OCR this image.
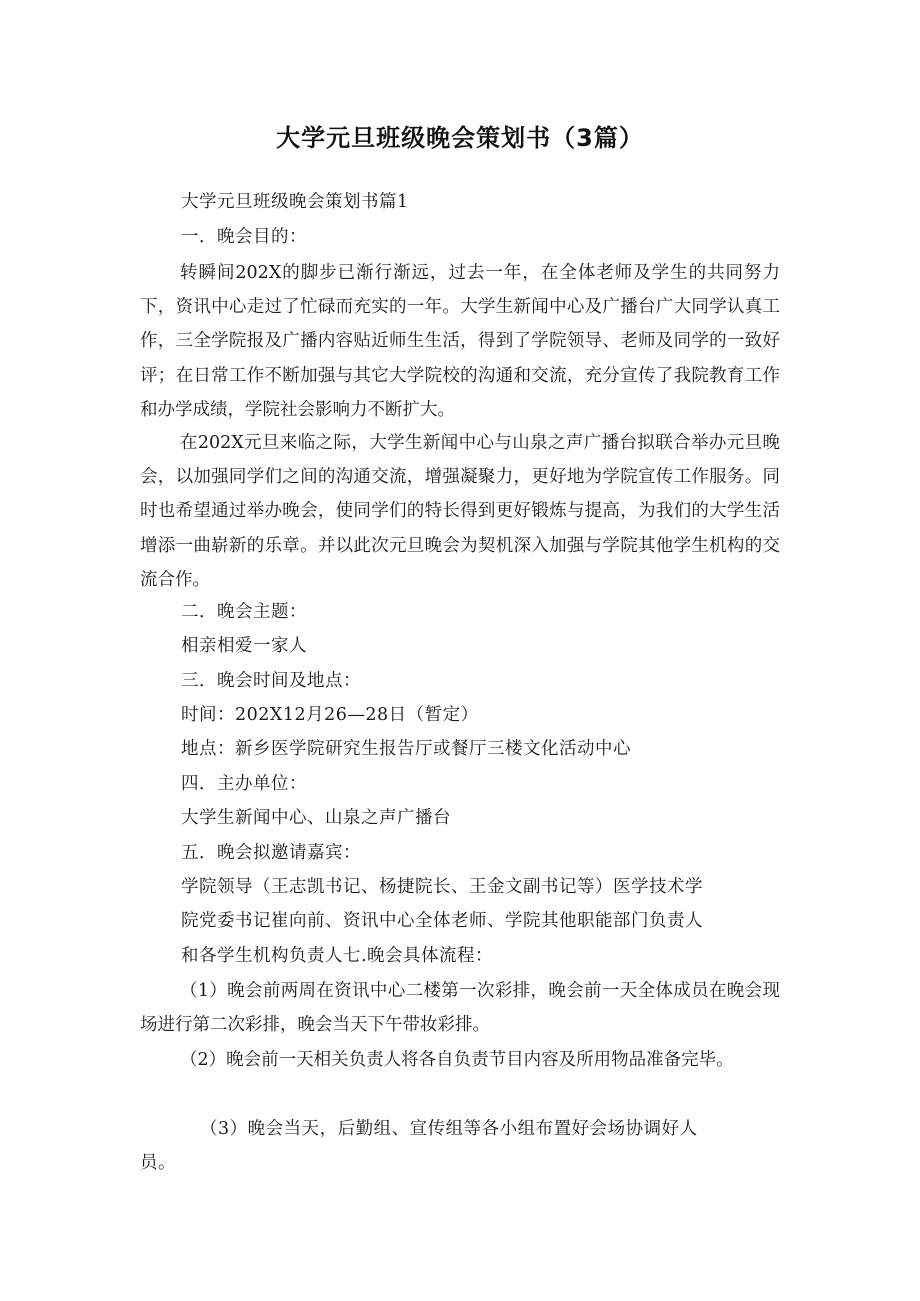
大学元旦班级晚会策划书（3篇）

大学元旦班级晚会策划书篇1

一．晚会目的：

转瞬间202X的脚步已渐行渐远，过去一年，在全体老师及学生的共同努力下，资讯中心走过了忙碌而充实的一年。大学生新闻中心及广播台广大同学认真工作，三全学院报及广播内容贴近师生生活，得到了学院领导、老师及同学的一致好评；在日常工作不断加强与其它大学院校的沟通和交流，充分宣传了我院教育工作和办学成绩，学院社会影响力不断扩大。

在202X元旦来临之际，大学生新闻中心与山泉之声广播台拟联合举办元旦晚会，以加强同学们之间的沟通交流，增强凝聚力，更好地为学院宣传工作服务。同时也希望通过举办晚会，使同学们的特长得到更好锻炼与提高，为我们的大学生活增添一曲崭新的乐章。并以此次元旦晚会为契机深入加强与学院其他学生机构的交流合作。

二．晚会主题：

相亲相爱一家人

三．晚会时间及地点：

时间：202X12月26—28日（暂定）

地点：新乡医学院研究生报告厅或餐厅三楼文化活动中心

四．主办单位：

大学生新闻中心、山泉之声广播台

五．晚会拟邀请嘉宾：

学院领导（王志凯书记、杨捷院长、王金文副书记等）医学技术学

院党委书记崔向前、资讯中心全体老师、学院其他职能部门负责人

和各学生机构负责人七.晚会具体流程：

（1）晚会前两周在资讯中心二楼第一次彩排，晚会前一天全体成员在晚会现场进行第二次彩排，晚会当天下午带妆彩排。

（2）晚会前一天相关负责人将各自负责节目内容及所用物品准备完毕。

（3）晚会当天，后勤组、宣传组等各小组布置好会场协调好人

员。
